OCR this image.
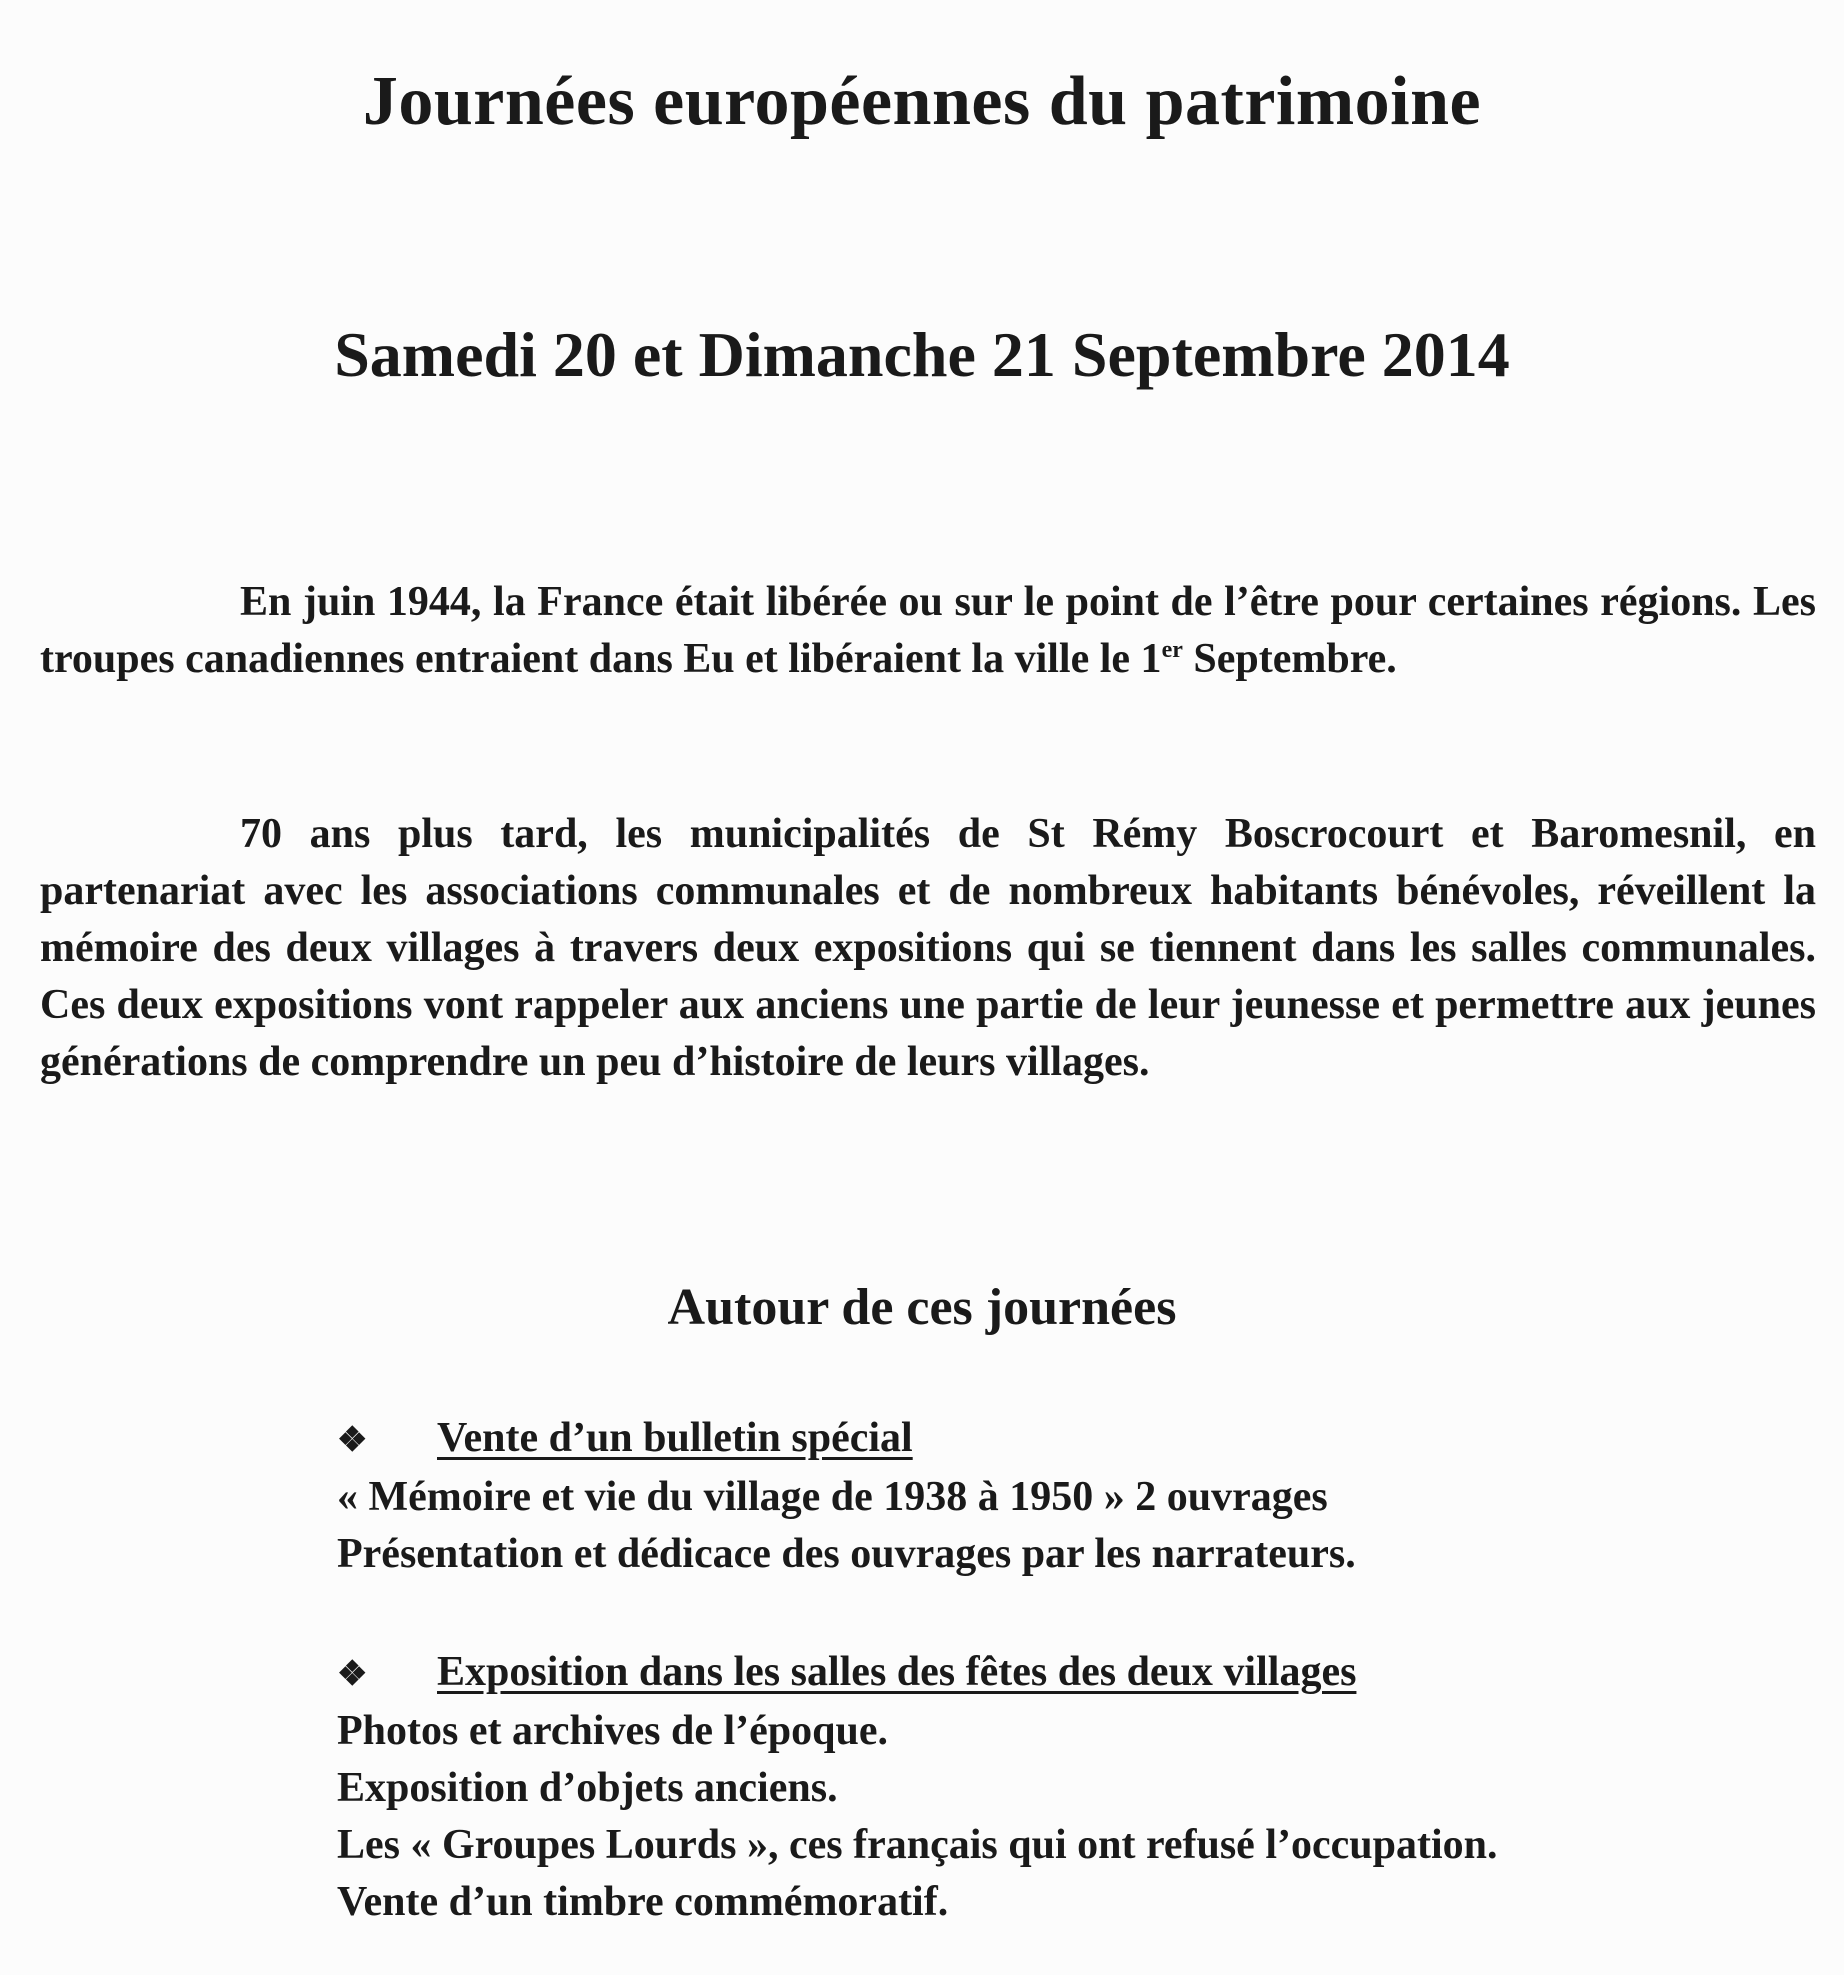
Journées européennes du patrimoine
Samedi 20 et Dimanche 21 Septembre 2014

En juin 1944, la France était libérée ou sur le point de l’être pour certaines régions. Les troupes canadiennes entraient dans Eu et libéraient la ville le 1er Septembre.

70 ans plus tard, les municipalités de St Rémy Boscrocourt et Baromesnil, en partenariat avec les associations communales et de nombreux habitants bénévoles, réveillent la mémoire des deux villages à travers deux expositions qui se tiennent dans les salles communales. Ces deux expositions vont rappeler aux anciens une partie de leur jeunesse et permettre aux jeunes générations de comprendre un peu d’histoire de leurs villages.

Autour de ces journées
❖	Vente d’un bulletin spécial
« Mémoire et vie du village de 1938 à 1950 » 2 ouvrages
Présentation et dédicace des ouvrages par les narrateurs.
❖	Exposition dans les salles des fêtes des deux villages
Photos et archives de l’époque.
Exposition d’objets anciens.
Les « Groupes Lourds », ces français qui ont refusé l’occupation.
Vente d’un timbre commémoratif.
